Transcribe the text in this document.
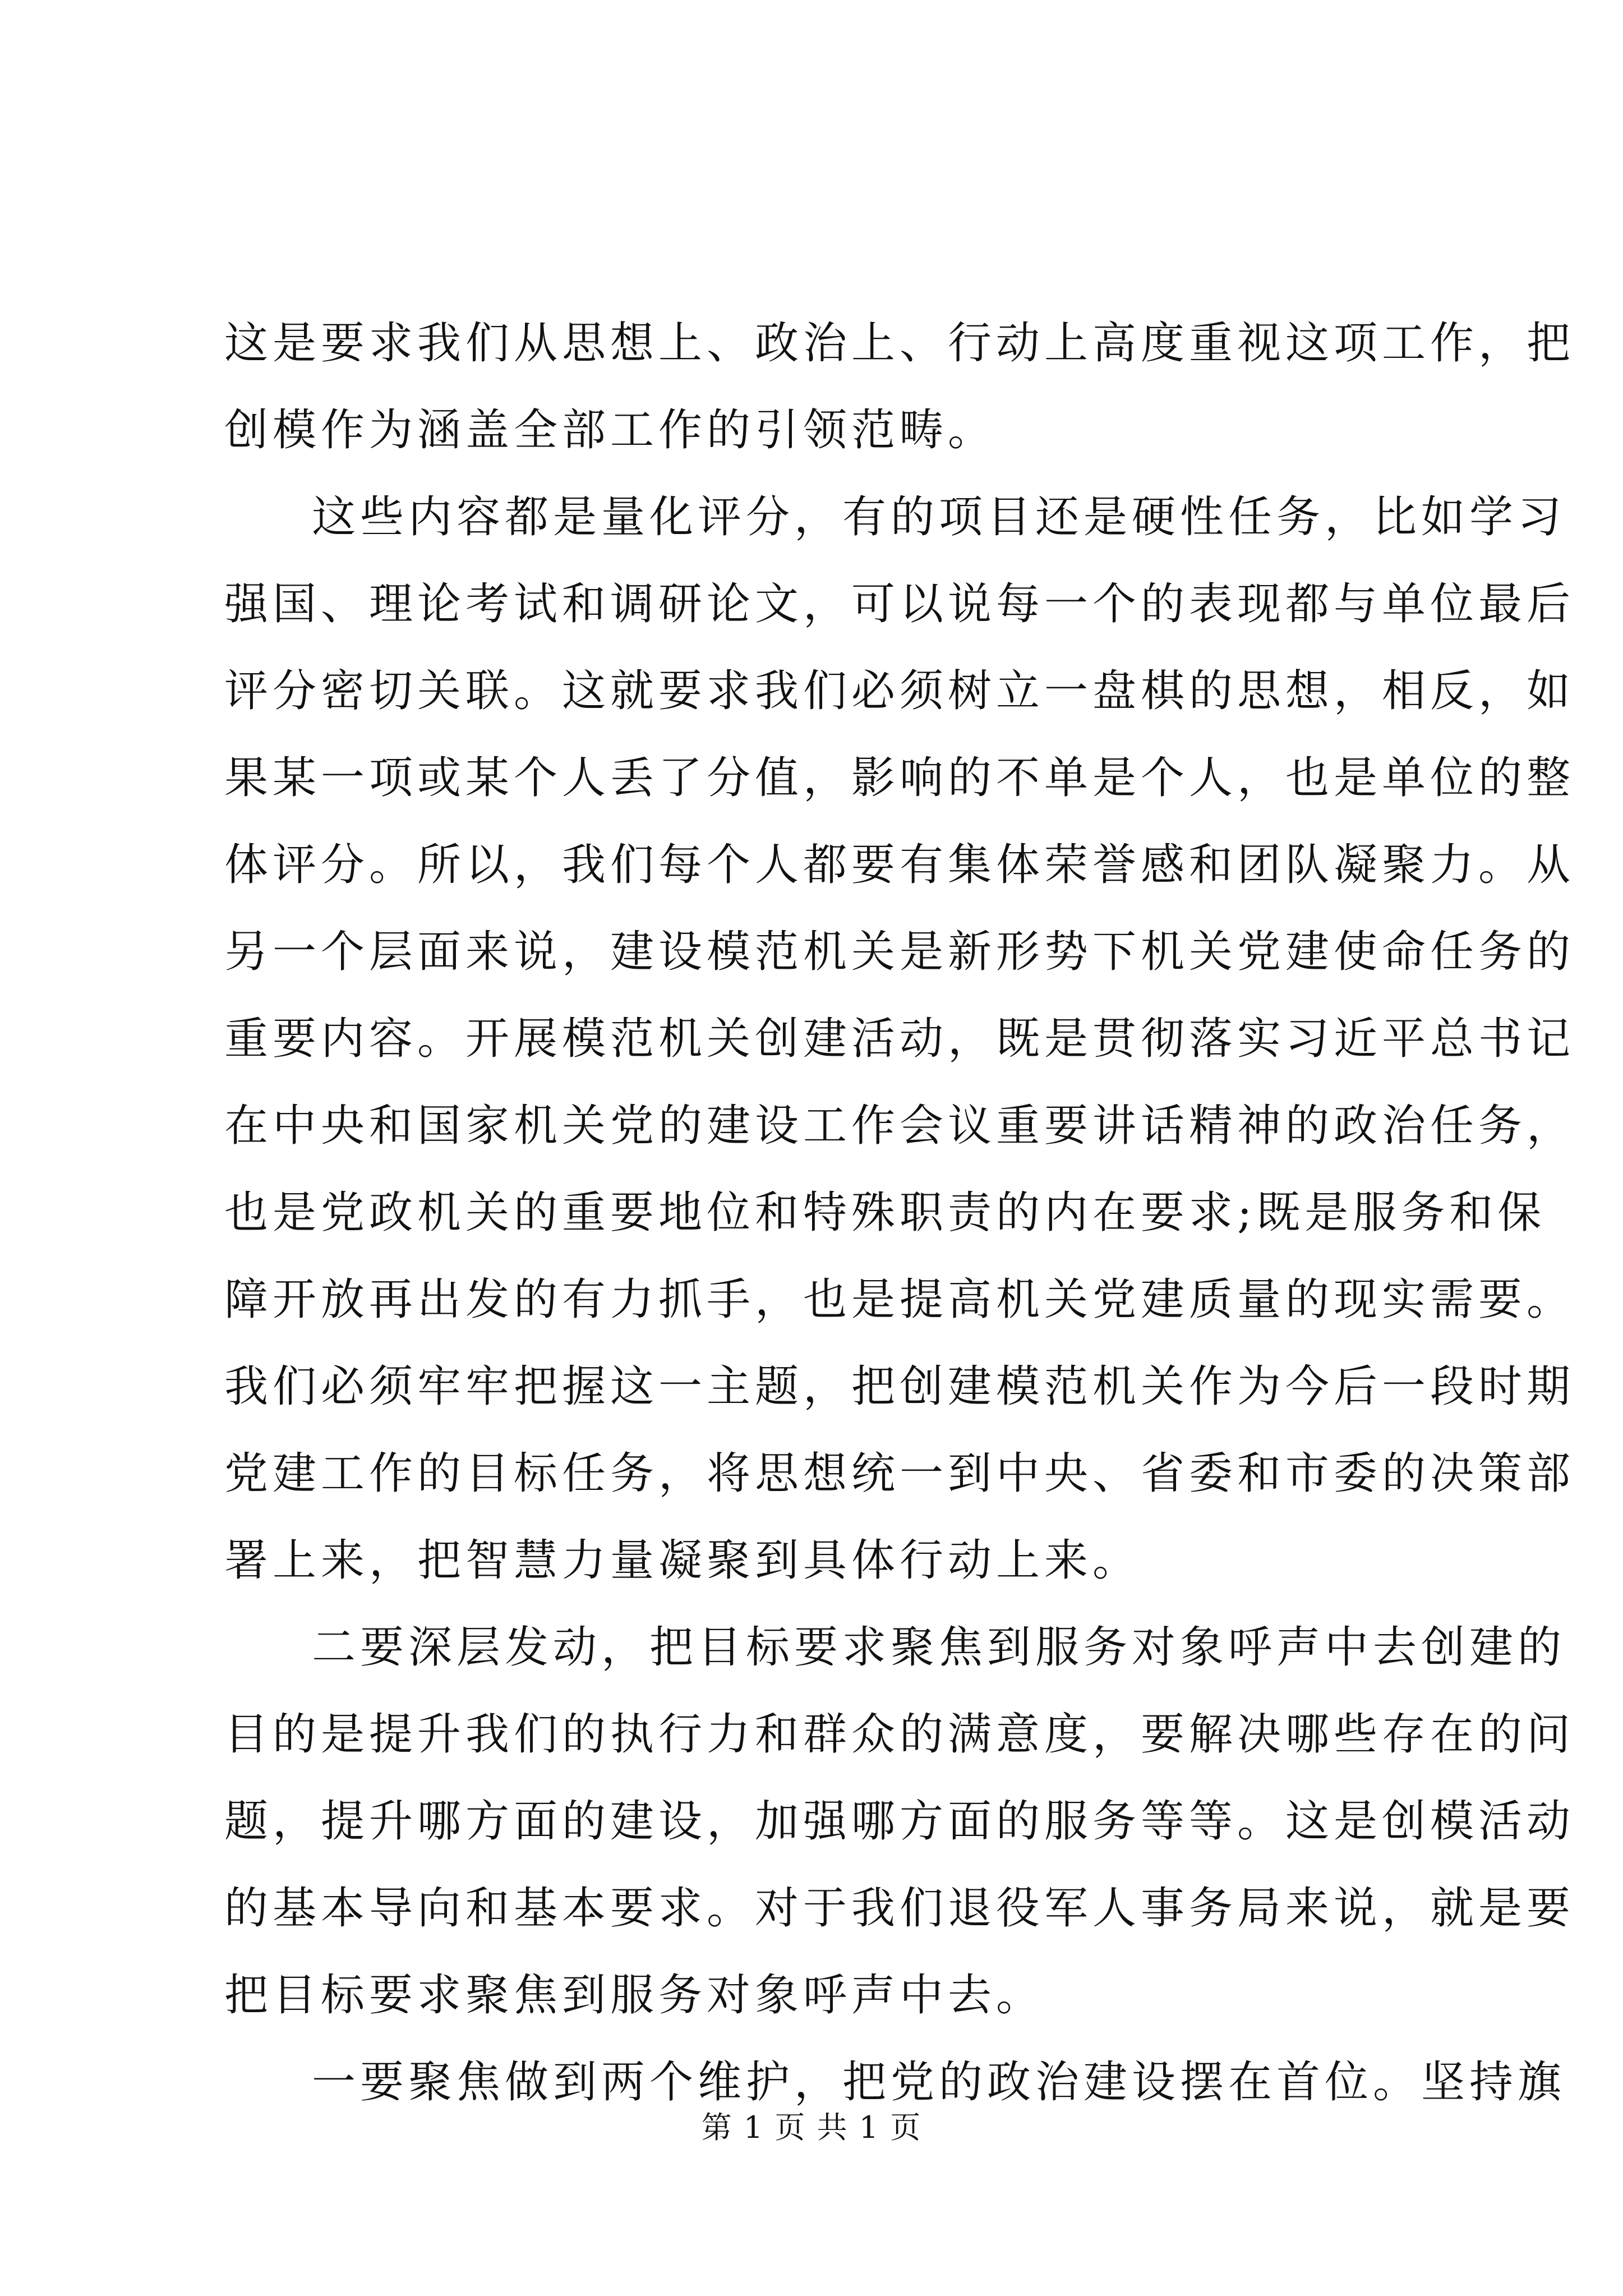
这是要求我们从思想上、政治上、行动上高度重视这项工作，把
创模作为涵盖全部工作的引领范畴。
这些内容都是量化评分，有的项目还是硬性任务，比如学习
强国、理论考试和调研论文，可以说每一个的表现都与单位最后
评分密切关联。这就要求我们必须树立一盘棋的思想，相反，如
果某一项或某个人丢了分值，影响的不单是个人，也是单位的整
体评分。所以，我们每个人都要有集体荣誉感和团队凝聚力。从
另一个层面来说，建设模范机关是新形势下机关党建使命任务的
重要内容。开展模范机关创建活动，既是贯彻落实习近平总书记
在中央和国家机关党的建设工作会议重要讲话精神的政治任务，
也是党政机关的重要地位和特殊职责的内在要求;既是服务和保
障开放再出发的有力抓手，也是提高机关党建质量的现实需要。
我们必须牢牢把握这一主题，把创建模范机关作为今后一段时期
党建工作的目标任务，将思想统一到中央、省委和市委的决策部
署上来，把智慧力量凝聚到具体行动上来。
二要深层发动，把目标要求聚焦到服务对象呼声中去创建的
目的是提升我们的执行力和群众的满意度，要解决哪些存在的问
题，提升哪方面的建设，加强哪方面的服务等等。这是创模活动
的基本导向和基本要求。对于我们退役军人事务局来说，就是要
把目标要求聚焦到服务对象呼声中去。
一要聚焦做到两个维护，把党的政治建设摆在首位。坚持旗
第 1 页 共 1 页
